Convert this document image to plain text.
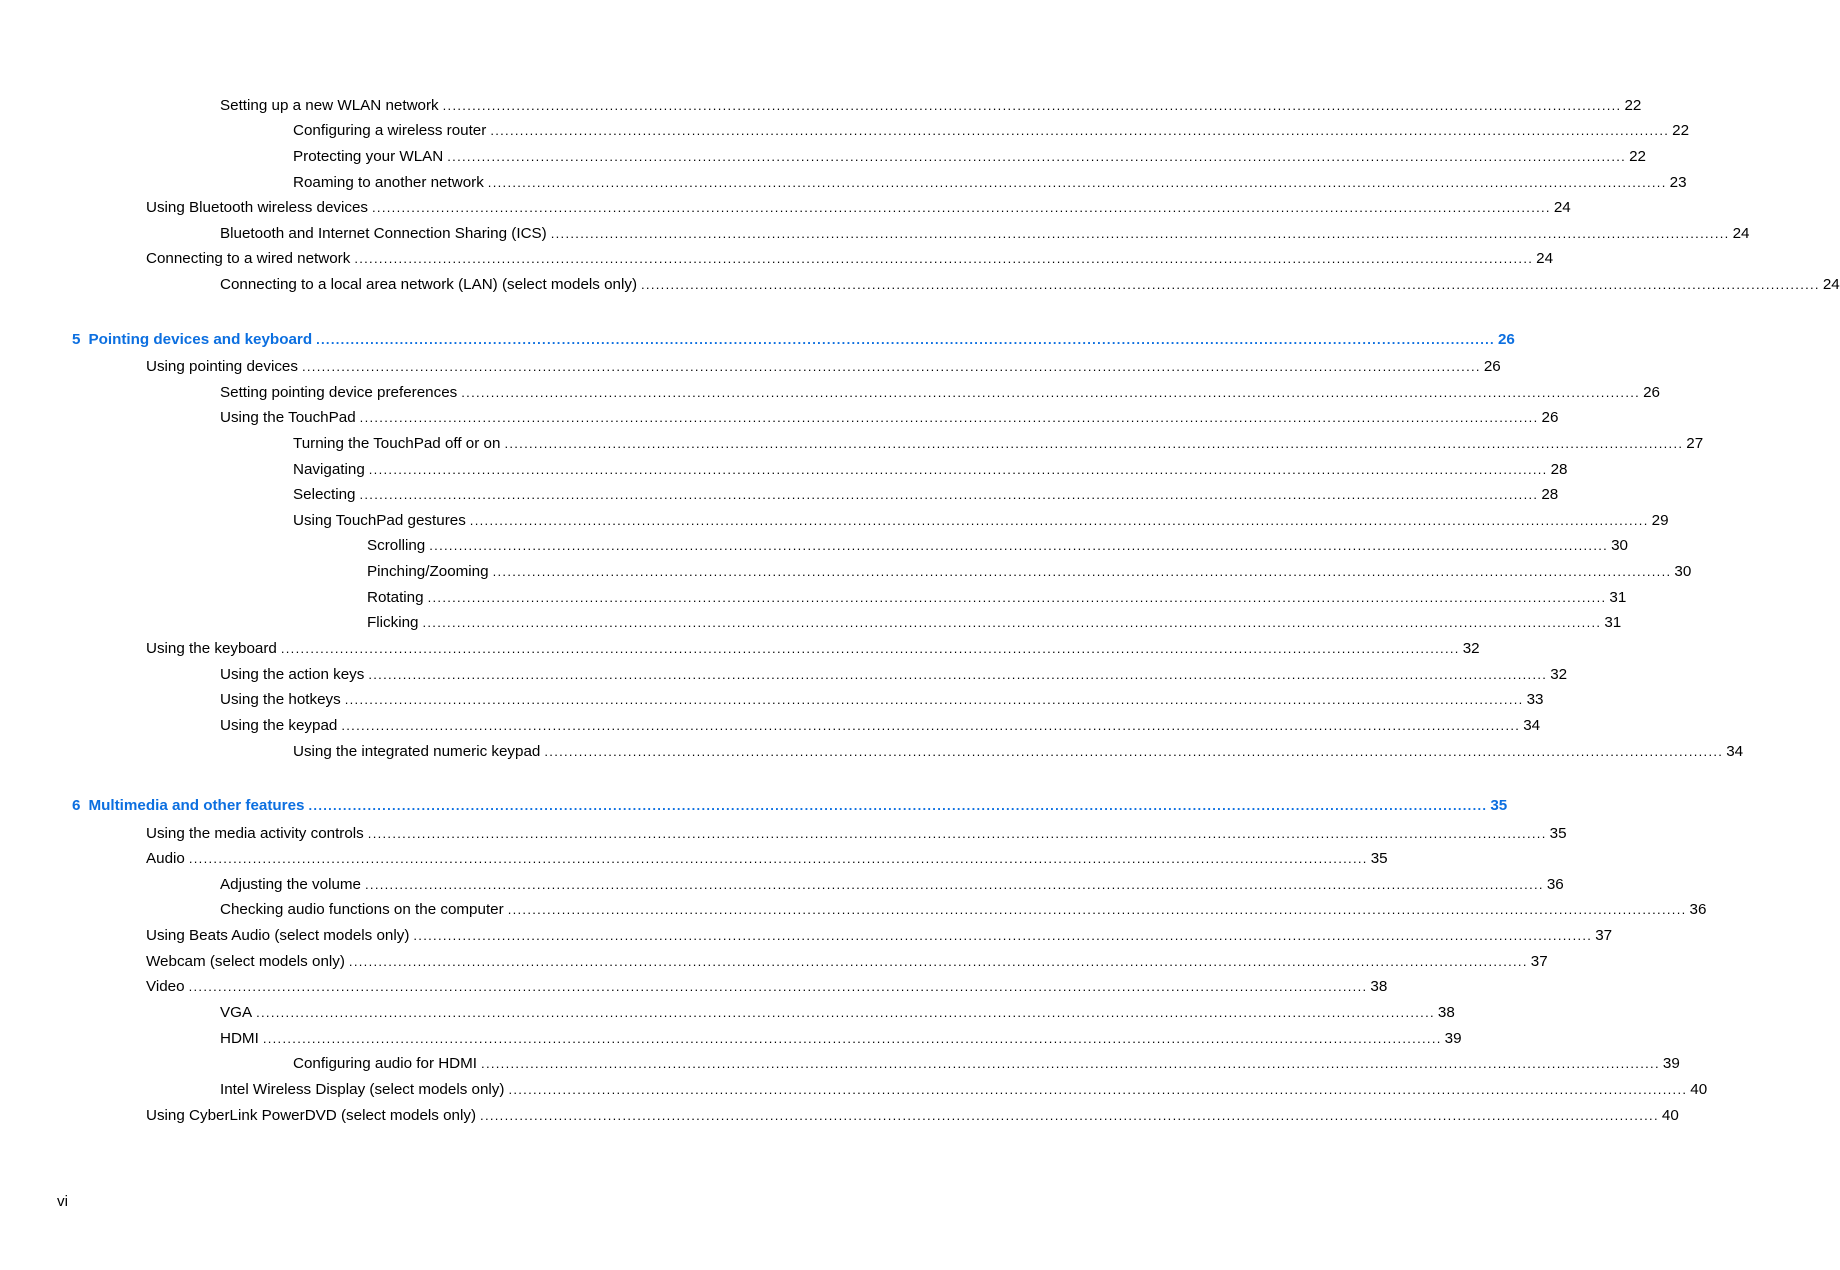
Setting up a new WLAN network ................................................................................................................................................................................................................................................ 22
Configuring a wireless router ................................................................................................................................................................................................................................................ 22
Protecting your WLAN ................................................................................................................................................................................................................................................ 22
Roaming to another network ................................................................................................................................................................................................................................................ 23
Using Bluetooth wireless devices ................................................................................................................................................................................................................................................ 24
Bluetooth and Internet Connection Sharing (ICS) ................................................................................................................................................................................................................................................ 24
Connecting to a wired network ................................................................................................................................................................................................................................................ 24
Connecting to a local area network (LAN) (select models only) ................................................................................................................................................................................................................................................ 24
5 Pointing devices and keyboard ................................................................................................................................................................................................................................................ 26
Using pointing devices ................................................................................................................................................................................................................................................ 26
Setting pointing device preferences ................................................................................................................................................................................................................................................ 26
Using the TouchPad ................................................................................................................................................................................................................................................ 26
Turning the TouchPad off or on ................................................................................................................................................................................................................................................ 27
Navigating ................................................................................................................................................................................................................................................ 28
Selecting ................................................................................................................................................................................................................................................ 28
Using TouchPad gestures ................................................................................................................................................................................................................................................ 29
Scrolling ................................................................................................................................................................................................................................................ 30
Pinching/Zooming ................................................................................................................................................................................................................................................ 30
Rotating ................................................................................................................................................................................................................................................ 31
Flicking ................................................................................................................................................................................................................................................ 31
Using the keyboard ................................................................................................................................................................................................................................................ 32
Using the action keys ................................................................................................................................................................................................................................................ 32
Using the hotkeys ................................................................................................................................................................................................................................................ 33
Using the keypad ................................................................................................................................................................................................................................................ 34
Using the integrated numeric keypad ................................................................................................................................................................................................................................................ 34
6 Multimedia and other features ................................................................................................................................................................................................................................................ 35
Using the media activity controls ................................................................................................................................................................................................................................................ 35
Audio ................................................................................................................................................................................................................................................ 35
Adjusting the volume ................................................................................................................................................................................................................................................ 36
Checking audio functions on the computer ................................................................................................................................................................................................................................................ 36
Using Beats Audio (select models only) ................................................................................................................................................................................................................................................ 37
Webcam (select models only) ................................................................................................................................................................................................................................................ 37
Video ................................................................................................................................................................................................................................................ 38
VGA ................................................................................................................................................................................................................................................ 38
HDMI ................................................................................................................................................................................................................................................ 39
Configuring audio for HDMI ................................................................................................................................................................................................................................................ 39
Intel Wireless Display (select models only) ................................................................................................................................................................................................................................................ 40
Using CyberLink PowerDVD (select models only) ................................................................................................................................................................................................................................................ 40
vi
